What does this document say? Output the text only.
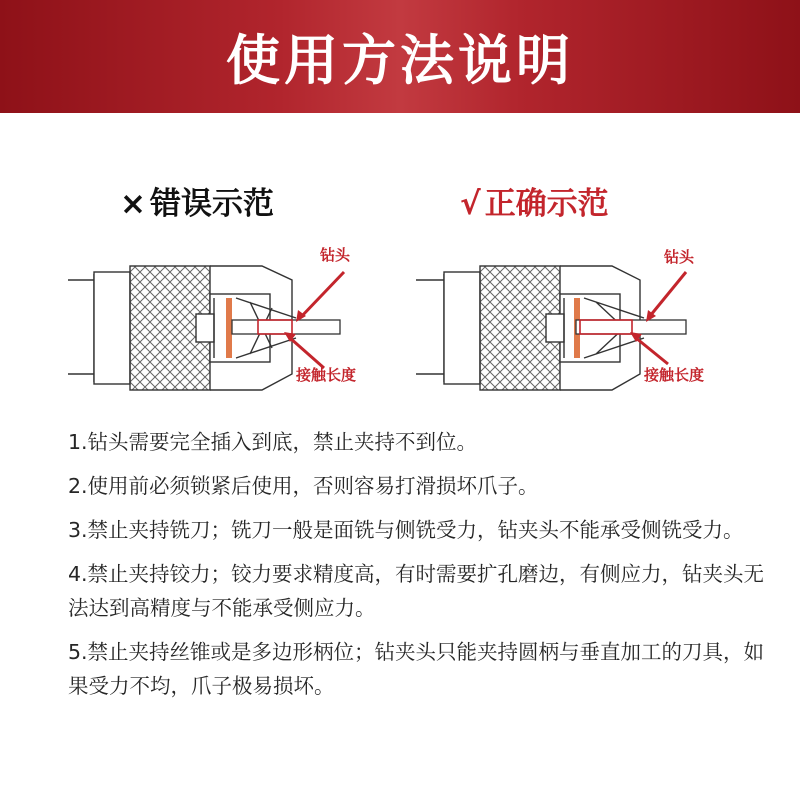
使用方法说明
× 错误示范	√ 正确示范
钻头
接触长度
钻头
接触长度
1.钻头需要完全插入到底，禁止夹持不到位。
2.使用前必须锁紧后使用，否则容易打滑损坏爪子。
3.禁止夹持铣刀；铣刀一般是面铣与侧铣受力，钻夹头不能承受侧铣受力。
4.禁止夹持铰力；铰力要求精度高，有时需要扩孔磨边，有侧应力，钻夹头无法达到高精度与不能承受侧应力。
5.禁止夹持丝锥或是多边形柄位；钻夹头只能夹持圆柄与垂直加工的刀具，如果受力不均，爪子极易损坏。
